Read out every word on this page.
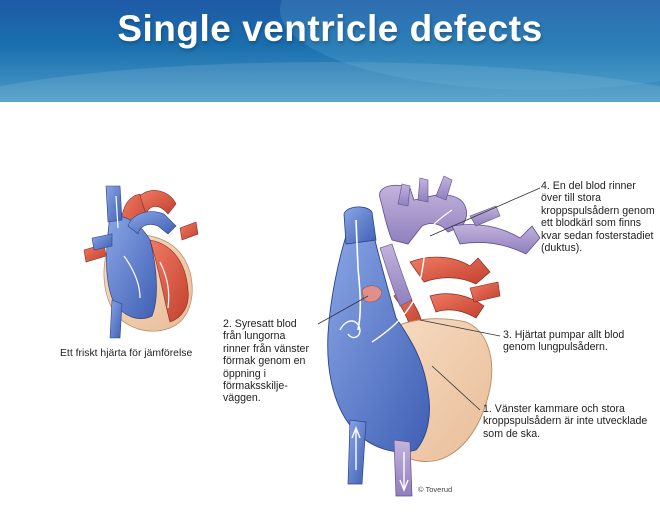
Single ventricle defects
Ett friskt hjärta för jämförelse
2. Syresatt blod från lungorna rinner från vänster förmak genom en öppning i förmaksskilje-väggen.
3. Hjärtat pumpar allt blod genom lungpulsådern.
1. Vänster kammare och stora kroppspulsådern är inte utvecklade som de ska.
4. En del blod rinner över till stora kroppspulsådern genom ett blodkärl som finns kvar sedan fosterstadiet (duktus).
© Toverud
